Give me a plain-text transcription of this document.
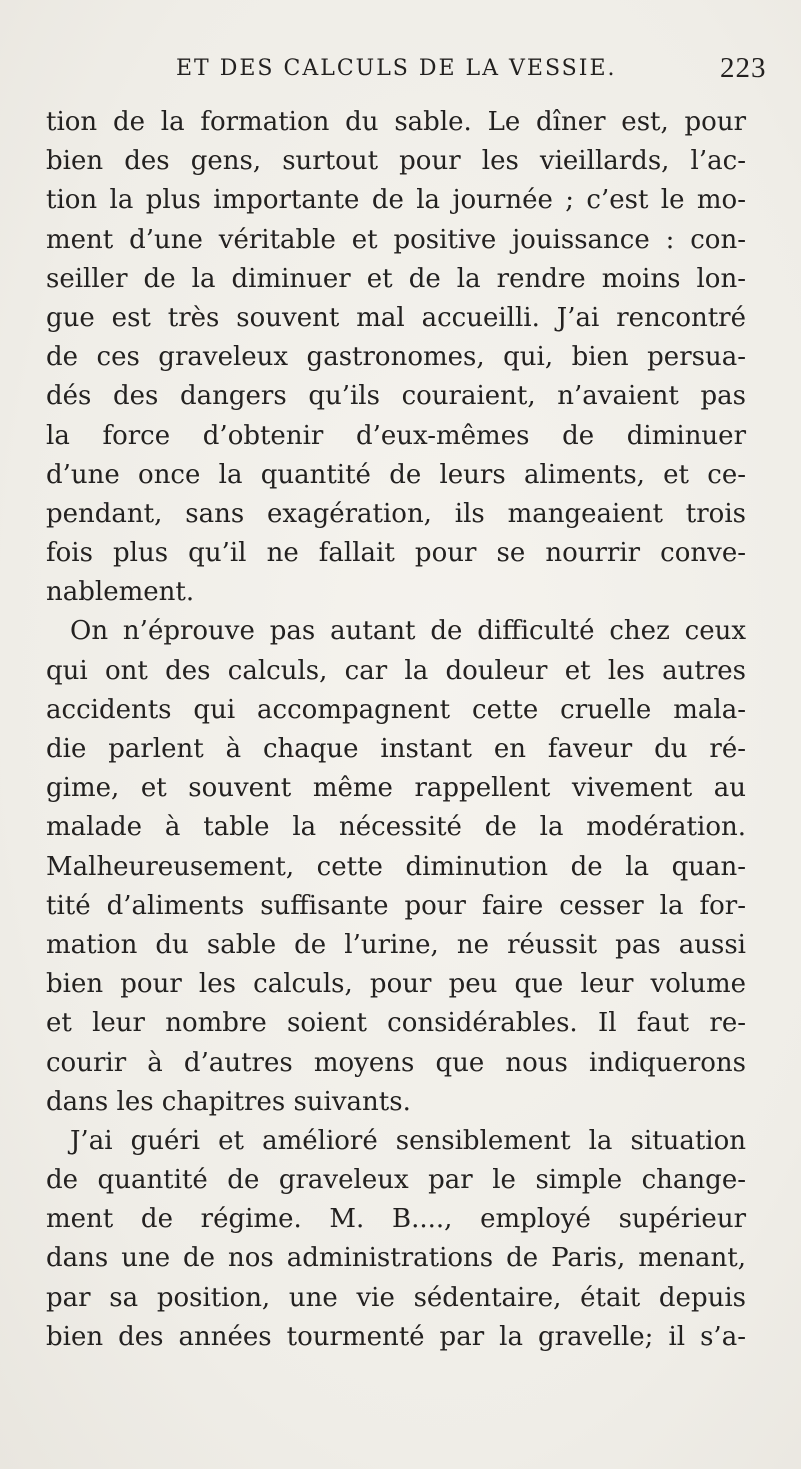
ET DES CALCULS DE LA VESSIE.	223
tion de la formation du sable. Le dîner est, pour
bien des gens, surtout pour les vieillards, l’ac-
tion la plus importante de la journée ; c’est le mo-
ment d’une véritable et positive jouissance : con-
seiller de la diminuer et de la rendre moins lon-
gue est très souvent mal accueilli. J’ai rencontré
de ces graveleux gastronomes, qui, bien persua-
dés des dangers qu’ils couraient, n’avaient pas
la force d’obtenir d’eux-mêmes de diminuer
d’une once la quantité de leurs aliments, et ce-
pendant, sans exagération, ils mangeaient trois
fois plus qu’il ne fallait pour se nourrir conve-
nablement.
On n’éprouve pas autant de difficulté chez ceux
qui ont des calculs, car la douleur et les autres
accidents qui accompagnent cette cruelle mala-
die parlent à chaque instant en faveur du ré-
gime, et souvent même rappellent vivement au
malade à table la nécessité de la modération.
Malheureusement, cette diminution de la quan-
tité d’aliments suffisante pour faire cesser la for-
mation du sable de l’urine, ne réussit pas aussi
bien pour les calculs, pour peu que leur volume
et leur nombre soient considérables. Il faut re-
courir à d’autres moyens que nous indiquerons
dans les chapitres suivants.
J’ai guéri et amélioré sensiblement la situation
de quantité de graveleux par le simple change-
ment de régime. M. B...., employé supérieur
dans une de nos administrations de Paris, menant,
par sa position, une vie sédentaire, était depuis
bien des années tourmenté par la gravelle; il s’a-
